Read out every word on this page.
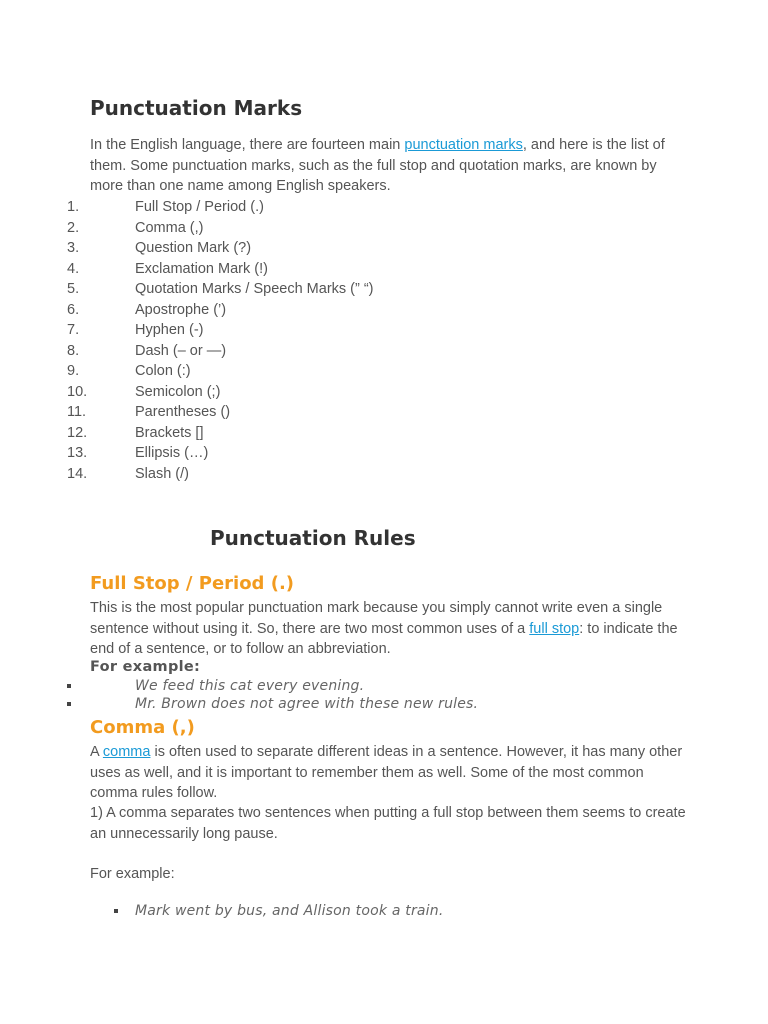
Punctuation Marks
In the English language, there are fourteen main punctuation marks, and here is the list of them. Some punctuation marks, such as the full stop and quotation marks, are known by more than one name among English speakers.
1.	Full Stop / Period (.)
2.	Comma (,)
3.	Question Mark (?)
4.	Exclamation Mark (!)
5.	Quotation Marks / Speech Marks (” “)
6.	Apostrophe (’)
7.	Hyphen (-)
8.	Dash (– or —)
9.	Colon (:)
10.	Semicolon (;)
11.	Parentheses ()
12.	Brackets []
13.	Ellipsis (…)
14.	Slash (/)
Punctuation Rules
Full Stop / Period (.)
This is the most popular punctuation mark because you simply cannot write even a single sentence without using it. So, there are two most common uses of a full stop: to indicate the end of a sentence, or to follow an abbreviation.
For example:
We feed this cat every evening.
Mr. Brown does not agree with these new rules.
Comma (,)
A comma is often used to separate different ideas in a sentence. However, it has many other uses as well, and it is important to remember them as well. Some of the most common comma rules follow.
1) A comma separates two sentences when putting a full stop between them seems to create an unnecessarily long pause.
For example:
Mark went by bus, and Allison took a train.
